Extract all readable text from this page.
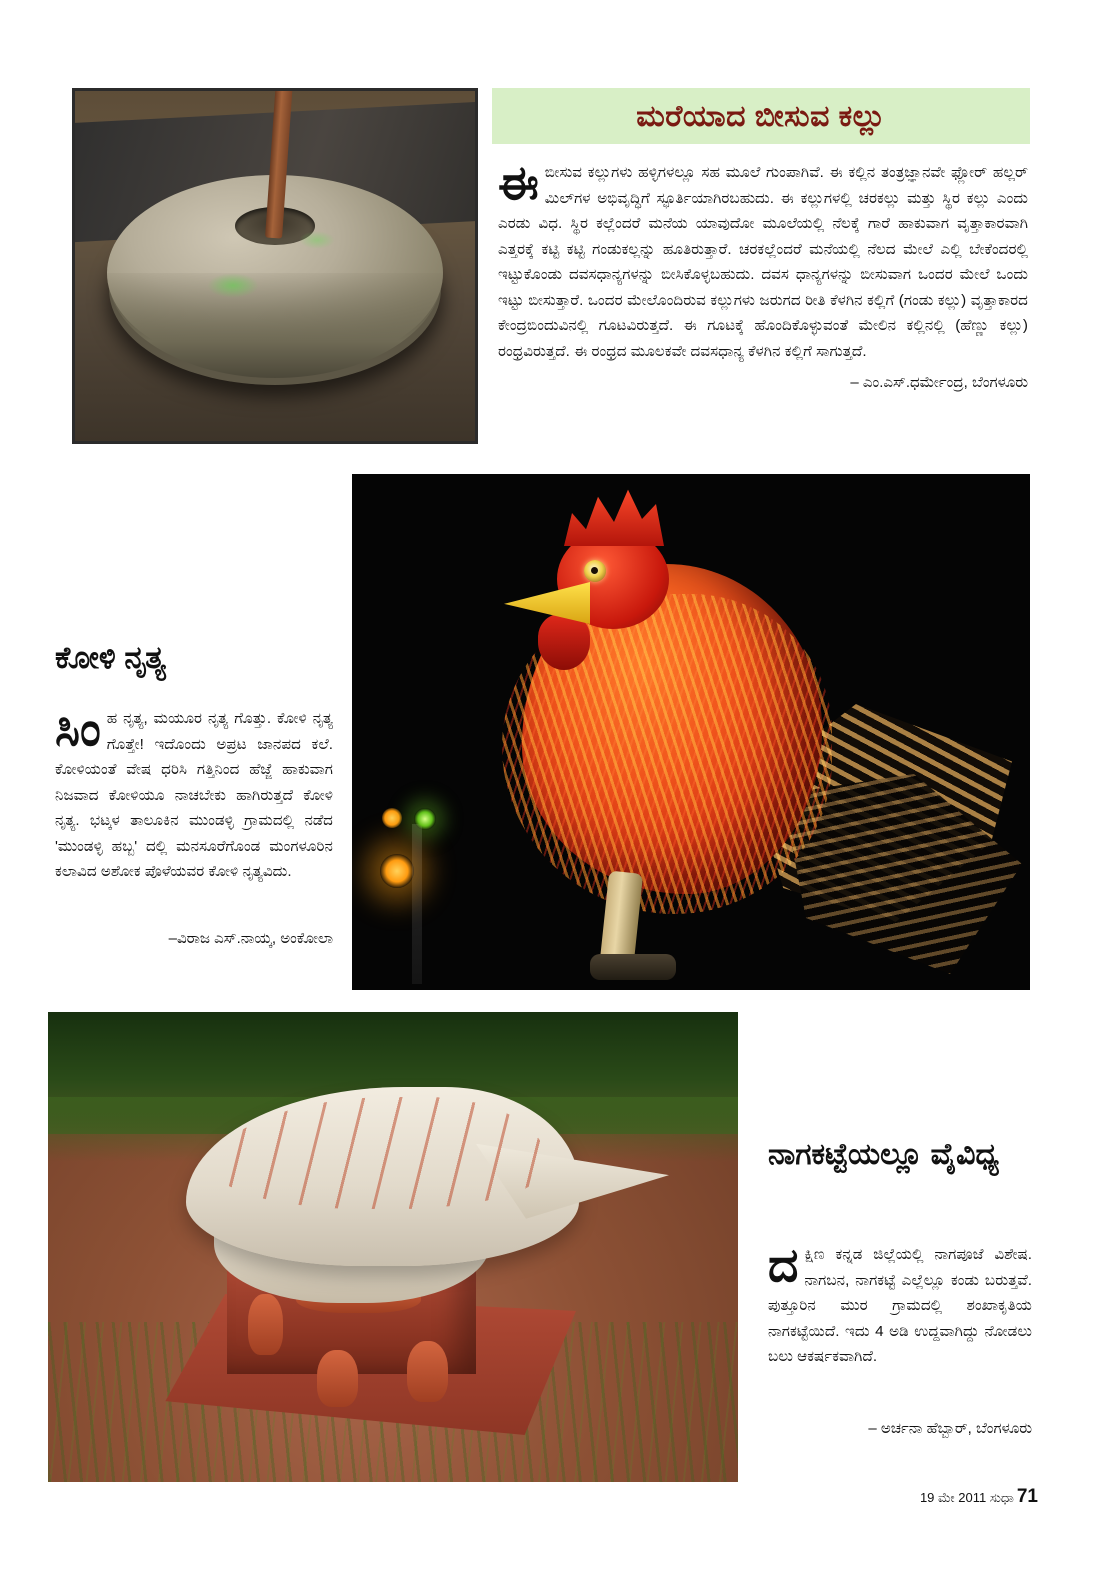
ಮರೆಯಾದ ಬೀಸುವ ಕಲ್ಲು
ಈಬೀಸುವ ಕಲ್ಲುಗಳು ಹಳ್ಳಿಗಳಲ್ಲೂ ಸಹ ಮೂಲೆ ಗುಂಪಾಗಿವೆ. ಈ ಕಲ್ಲಿನ ತಂತ್ರಜ್ಞಾನವೇ ಫ್ಲೋರ್ ಹಲ್ಲರ್ ಮಿಲ್‌ಗಳ ಅಭಿವೃದ್ಧಿಗೆ ಸ್ಫೂರ್ತಿಯಾಗಿರಬಹುದು. ಈ ಕಲ್ಲುಗಳಲ್ಲಿ ಚರಕಲ್ಲು ಮತ್ತು ಸ್ಥಿರ ಕಲ್ಲು ಎಂದು ಎರಡು ವಿಧ. ಸ್ಥಿರ ಕಲ್ಲೆಂದರೆ ಮನೆಯ ಯಾವುದೋ ಮೂಲೆಯಲ್ಲಿ ನೆಲಕ್ಕೆ ಗಾರೆ ಹಾಕುವಾಗ ವೃತ್ತಾಕಾರವಾಗಿ ಎತ್ತರಕ್ಕೆ ಕಟ್ಟಿ ಕಟ್ಟಿ ಗಂಡುಕಲ್ಲನ್ನು ಹೂತಿರುತ್ತಾರೆ. ಚರಕಲ್ಲೆಂದರೆ ಮನೆಯಲ್ಲಿ ನೆಲದ ಮೇಲೆ ಎಲ್ಲಿ ಬೇಕೆಂದರಲ್ಲಿ ಇಟ್ಟುಕೊಂಡು ದವಸಧಾನ್ಯಗಳನ್ನು ಬೀಸಿಕೊಳ್ಳಬಹುದು. ದವಸ ಧಾನ್ಯಗಳನ್ನು ಬೀಸುವಾಗ ಒಂದರ ಮೇಲೆ ಒಂದು ಇಟ್ಟು ಬೀಸುತ್ತಾರೆ. ಒಂದರ ಮೇಲೊಂದಿರುವ ಕಲ್ಲುಗಳು ಜರುಗದ ರೀತಿ ಕೆಳಗಿನ ಕಲ್ಲಿಗೆ (ಗಂಡು ಕಲ್ಲು) ವೃತ್ತಾಕಾರದ ಕೇಂದ್ರಬಿಂದುವಿನಲ್ಲಿ ಗೂಟವಿರುತ್ತದೆ. ಈ ಗೂಟಕ್ಕೆ ಹೊಂದಿಕೊಳ್ಳುವಂತೆ ಮೇಲಿನ ಕಲ್ಲಿನಲ್ಲಿ (ಹೆಣ್ಣು ಕಲ್ಲು) ರಂಧ್ರವಿರುತ್ತದೆ. ಈ ರಂಧ್ರದ ಮೂಲಕವೇ ದವಸಧಾನ್ಯ ಕೆಳಗಿನ ಕಲ್ಲಿಗೆ ಸಾಗುತ್ತದೆ.
– ಎಂ.ಎಸ್.ಧರ್ಮೇಂದ್ರ, ಬೆಂಗಳೂರು
ಕೋಳಿ ನೃತ್ಯ
ಸಿಂಹ ನೃತ್ಯ, ಮಯೂರ ನೃತ್ಯ ಗೊತ್ತು. ಕೋಳಿ ನೃತ್ಯ ಗೊತ್ತೇ! ಇದೊಂದು ಅಪ್ರಟ ಜಾನಪದ ಕಲೆ. ಕೋಳಿಯಂತೆ ವೇಷ ಧರಿಸಿ ಗತ್ತಿನಿಂದ ಹೆಜ್ಜೆ ಹಾಕುವಾಗ ನಿಜವಾದ ಕೋಳಿಯೂ ನಾಚಬೇಕು ಹಾಗಿರುತ್ತದೆ ಕೋಳಿ ನೃತ್ಯ. ಭಟ್ಕಳ ತಾಲೂಕಿನ ಮುಂಡಳ್ಳಿ ಗ್ರಾಮದಲ್ಲಿ ನಡೆದ 'ಮುಂಡಳ್ಳಿ ಹಬ್ಬ' ದಲ್ಲಿ ಮನಸೂರೆಗೊಂಡ ಮಂಗಳೂರಿನ ಕಲಾವಿದ ಅಶೋಕ ಪೊಳೆಯವರ ಕೋಳಿ ನೃತ್ಯವಿದು.
–ವಿರಾಜ ಎಸ್.ನಾಯ್ಕ, ಅಂಕೋಲಾ
ನಾಗಕಟ್ಟೆಯಲ್ಲೂ ವೈವಿಧ್ಯ
ದಕ್ಷಿಣ ಕನ್ನಡ ಜಿಲ್ಲೆಯಲ್ಲಿ ನಾಗಪೂಜೆ ವಿಶೇಷ. ನಾಗಬನ, ನಾಗಕಟ್ಟೆ ಎಲ್ಲೆಲ್ಲೂ ಕಂಡು ಬರುತ್ತವೆ. ಪುತ್ತೂರಿನ ಮುರ ಗ್ರಾಮದಲ್ಲಿ ಶಂಖಾಕೃತಿಯ ನಾಗಕಟ್ಟೆಯಿದೆ. ಇದು 4 ಅಡಿ ಉದ್ದವಾಗಿದ್ದು ನೋಡಲು ಬಲು ಆಕರ್ಷಕವಾಗಿದೆ.
– ಅರ್ಚನಾ ಹೆಬ್ಬಾರ್, ಬೆಂಗಳೂರು
19 ಮೇ 2011 ಸುಧಾ 71
